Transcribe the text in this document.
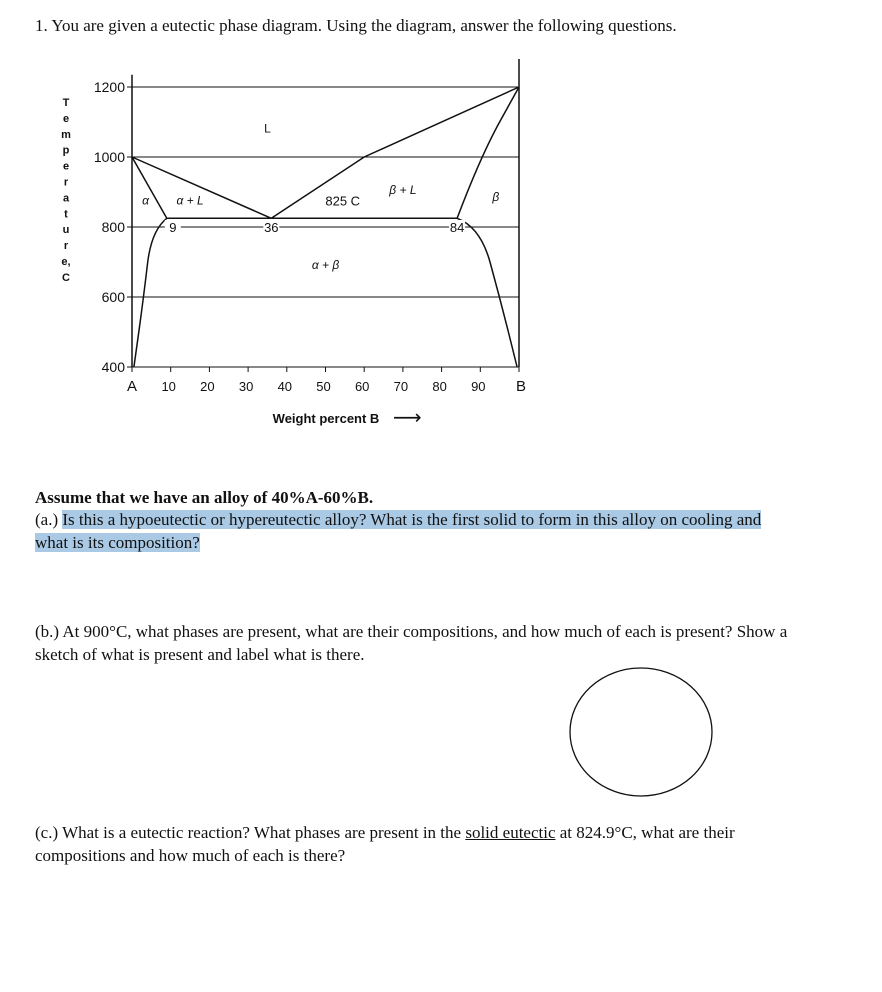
1. You are given a eutectic phase diagram. Using the diagram, answer the following questions.
T
e
m
p
e
r
a
t
u
r
e,
C
1200
1000
800
600
400
A 10 20 30 40 50 60 70 80 90 B
9	36	84
L
α α + L
β + L	β
α + β
825 C
Weight percent B ⟶
Assume that we have an alloy of 40%A-60%B.
(a.) Is this a hypoeutectic or hypereutectic alloy? What is the first solid to form in this alloy on cooling and what is its composition?
(b.) At 900°C, what phases are present, what are their compositions, and how much of each is present? Show a sketch of what is present and label what is there.
(c.) What is a eutectic reaction? What phases are present in the solid eutectic at 824.9°C, what are their compositions and how much of each is there?
